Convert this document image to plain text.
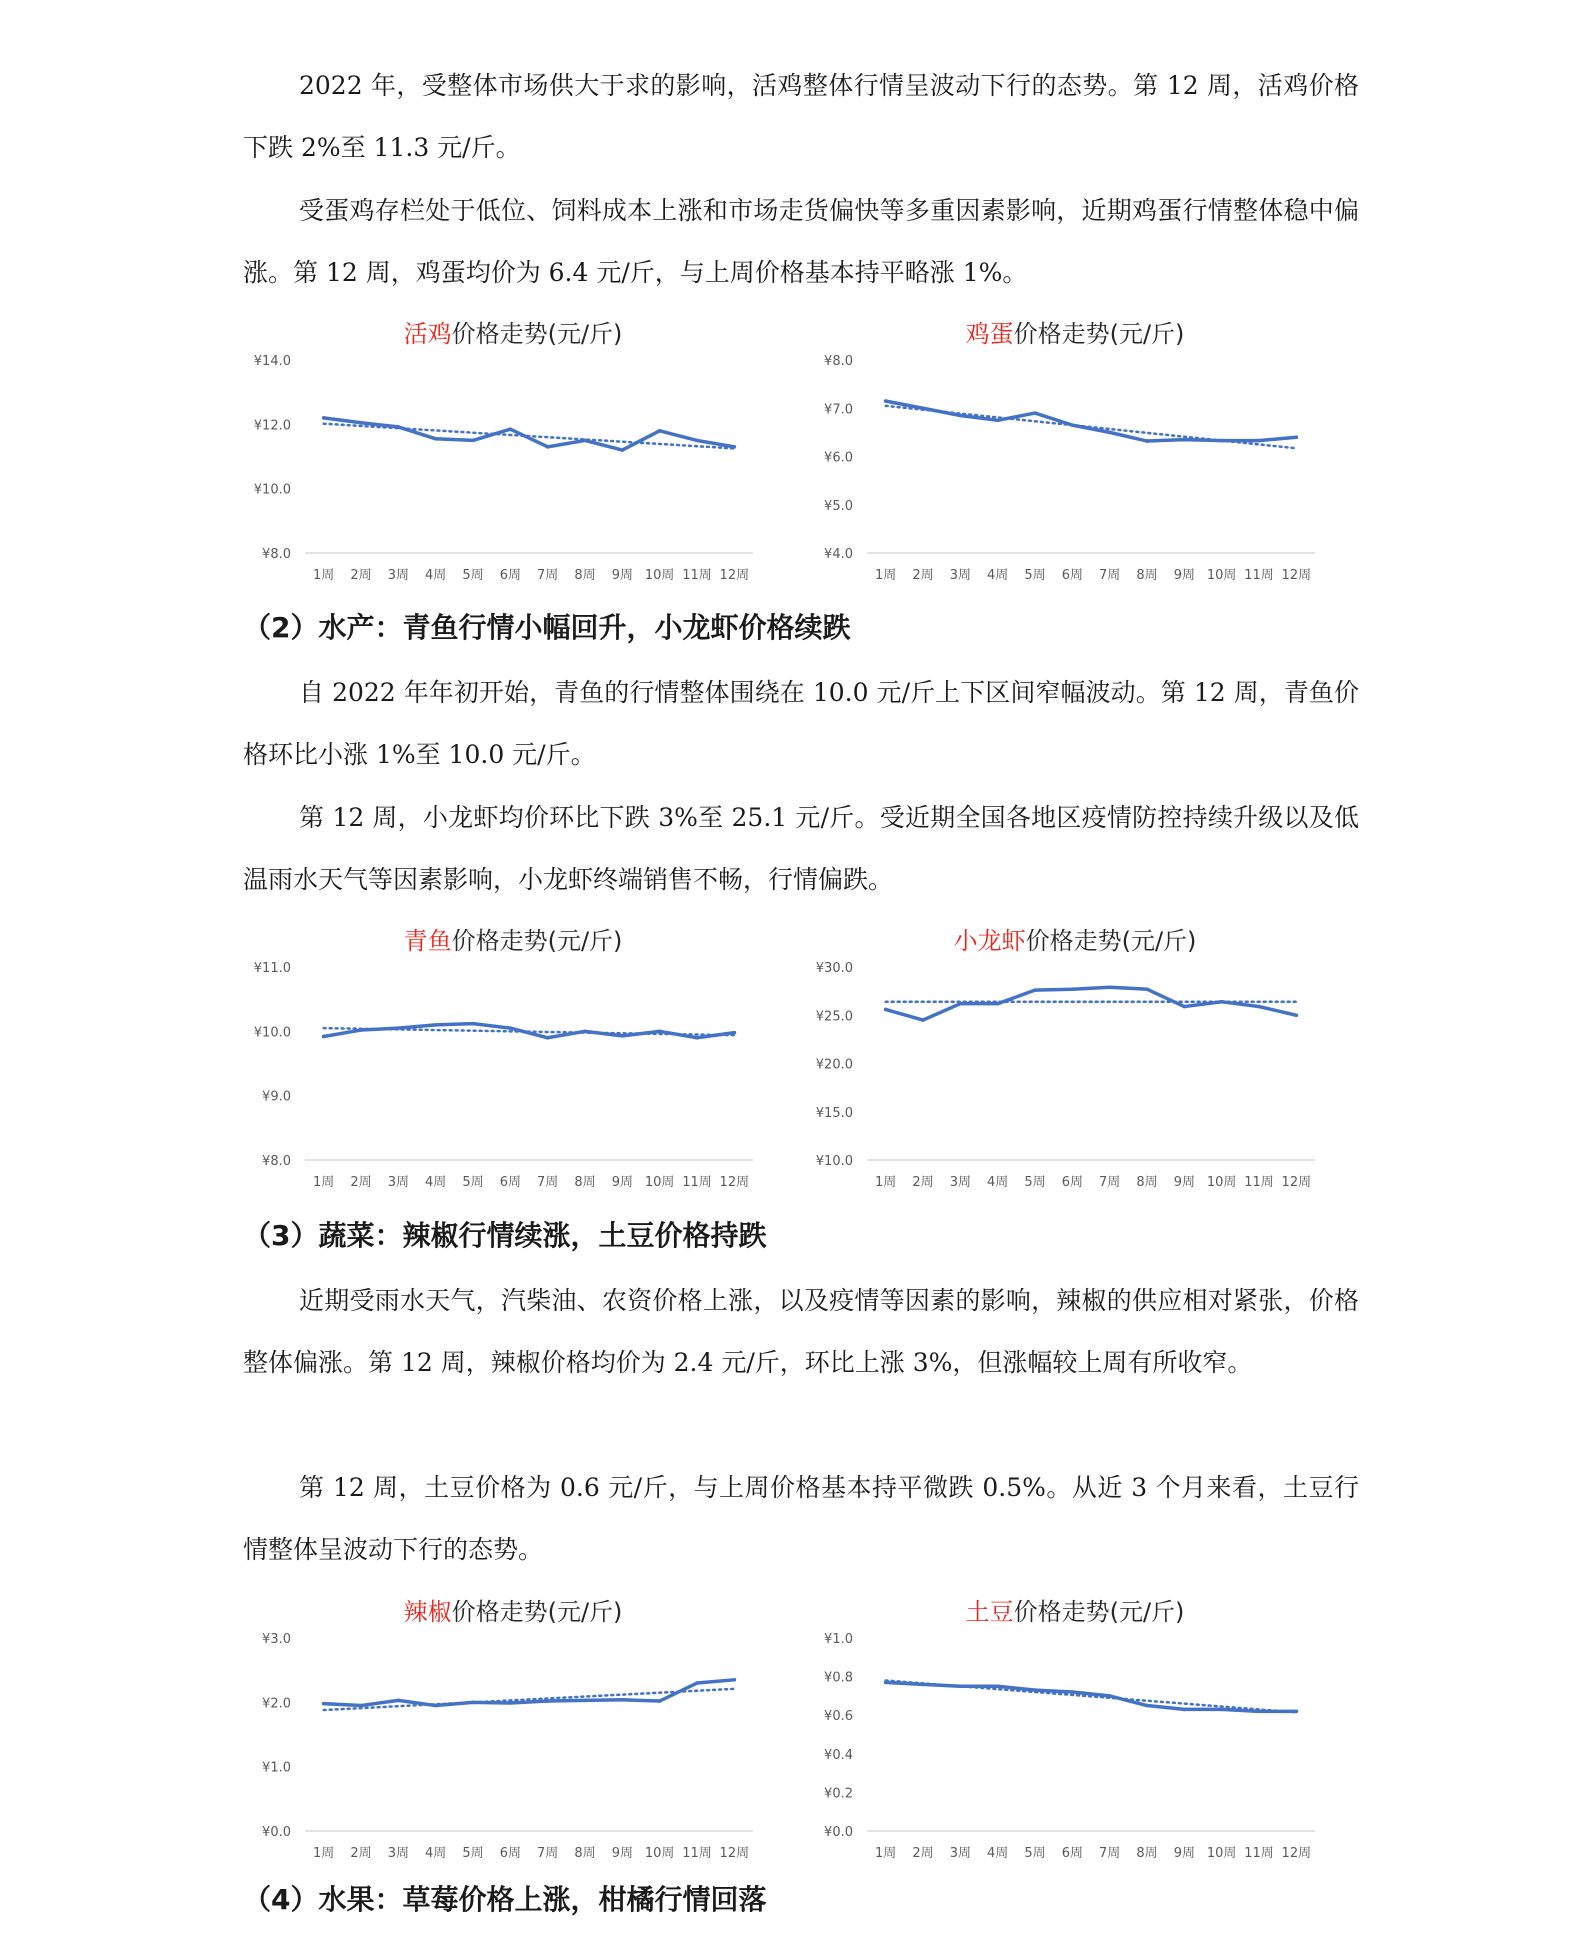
2022 年，受整体市场供大于求的影响，活鸡整体行情呈波动下行的态势。第 12 周，活鸡价格下跌 2%至 11.3 元/斤。

受蛋鸡存栏处于低位、饲料成本上涨和市场走货偏快等多重因素影响，近期鸡蛋行情整体稳中偏涨。第 12 周，鸡蛋均价为 6.4 元/斤，与上周价格基本持平略涨 1%。

活鸡价格走势(元/斤)
¥8.0
¥10.0
¥12.0
¥14.0
1周 2周 3周 4周 5周 6周 7周 8周 9周 10周 11周 12周
鸡蛋价格走势(元/斤)
¥4.0
¥5.0
¥6.0
¥7.0
¥8.0
1周 2周 3周 4周 5周 6周 7周 8周 9周 10周 11周 12周
（2）水产：青鱼行情小幅回升，小龙虾价格续跌

自 2022 年年初开始，青鱼的行情整体围绕在 10.0 元/斤上下区间窄幅波动。第 12 周，青鱼价格环比小涨 1%至 10.0 元/斤。

第 12 周，小龙虾均价环比下跌 3%至 25.1 元/斤。受近期全国各地区疫情防控持续升级以及低温雨水天气等因素影响，小龙虾终端销售不畅，行情偏跌。

青鱼价格走势(元/斤)
¥8.0
¥9.0
¥10.0
¥11.0
1周 2周 3周 4周 5周 6周 7周 8周 9周 10周 11周 12周
小龙虾价格走势(元/斤)
¥10.0
¥15.0
¥20.0
¥25.0
¥30.0
1周 2周 3周 4周 5周 6周 7周 8周 9周 10周 11周 12周
（3）蔬菜：辣椒行情续涨，土豆价格持跌

近期受雨水天气，汽柴油、农资价格上涨，以及疫情等因素的影响，辣椒的供应相对紧张，价格整体偏涨。第 12 周，辣椒价格均价为 2.4 元/斤，环比上涨 3%，但涨幅较上周有所收窄。

第 12 周，土豆价格为 0.6 元/斤，与上周价格基本持平微跌 0.5%。从近 3 个月来看，土豆行情整体呈波动下行的态势。

辣椒价格走势(元/斤)
¥0.0
¥1.0
¥2.0
¥3.0
1周 2周 3周 4周 5周 6周 7周 8周 9周 10周 11周 12周
土豆价格走势(元/斤)
¥0.0
¥0.2
¥0.4
¥0.6
¥0.8
¥1.0
1周 2周 3周 4周 5周 6周 7周 8周 9周 10周 11周 12周
（4）水果：草莓价格上涨，柑橘行情回落
